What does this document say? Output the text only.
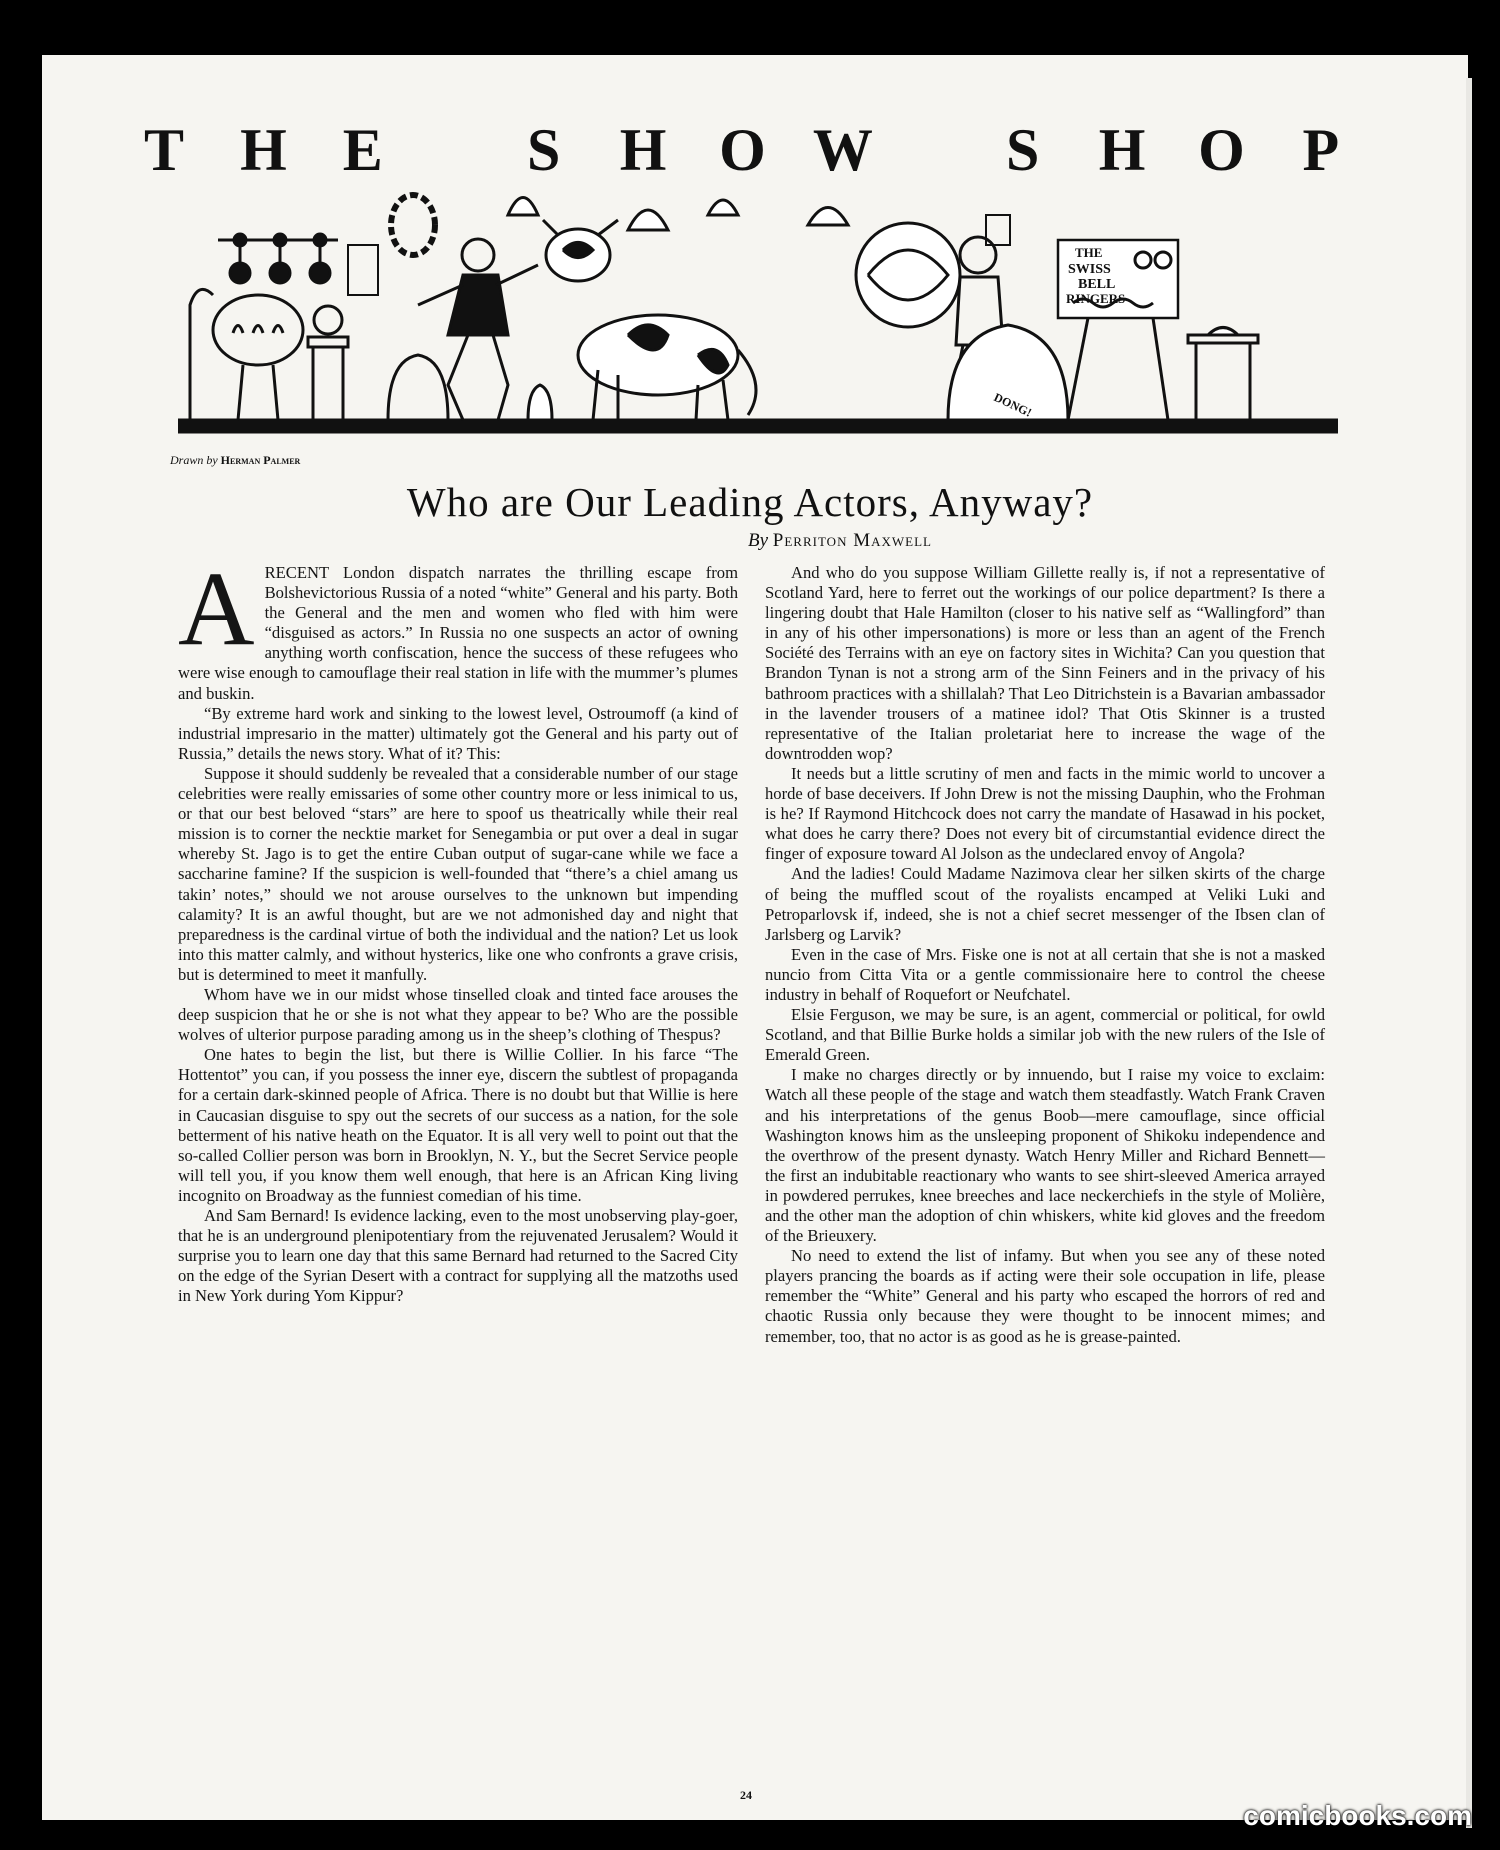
T H E S H O W S H O P
THE
SWISS
BELL
RINGERS
DONG!
Drawn by Herman Palmer
Who are Our Leading Actors, Anyway?
By Perriton Maxwell

ARECENT London dispatch narrates the thrilling escape from Bolshevictorious Russia of a noted “white” General and his party. Both the General and the men and women who fled with him were “disguised as actors.” In Russia no one suspects an actor of owning anything worth confiscation, hence the success of these refugees who were wise enough to camouflage their real station in life with the mummer’s plumes and buskin.

“By extreme hard work and sinking to the lowest level, Ostroumoff (a kind of industrial impresario in the matter) ultimately got the General and his party out of Russia,” details the news story. What of it? This:

Suppose it should suddenly be revealed that a considerable number of our stage celebrities were really emissaries of some other country more or less inimical to us, or that our best beloved “stars” are here to spoof us theatrically while their real mission is to corner the necktie market for Senegambia or put over a deal in sugar whereby St. Jago is to get the entire Cuban output of sugar-cane while we face a saccharine famine? If the suspicion is well-founded that “there’s a chiel amang us takin’ notes,” should we not arouse ourselves to the unknown but impending calamity? It is an awful thought, but are we not admonished day and night that preparedness is the cardinal virtue of both the individual and the nation? Let us look into this matter calmly, and without hysterics, like one who confronts a grave crisis, but is determined to meet it manfully.

Whom have we in our midst whose tinselled cloak and tinted face arouses the deep suspicion that he or she is not what they appear to be? Who are the possible wolves of ulterior purpose parading among us in the sheep’s clothing of Thespus?

One hates to begin the list, but there is Willie Collier. In his farce “The Hottentot” you can, if you possess the inner eye, discern the subtlest of propaganda for a certain dark-skinned people of Africa. There is no doubt but that Willie is here in Caucasian disguise to spy out the secrets of our success as a nation, for the sole betterment of his native heath on the Equator. It is all very well to point out that the so-called Collier person was born in Brooklyn, N. Y., but the Secret Service people will tell you, if you know them well enough, that here is an African King living incognito on Broadway as the funniest comedian of his time.

And Sam Bernard! Is evidence lacking, even to the most unobserving play-goer, that he is an underground plenipotentiary from the rejuvenated Jerusalem? Would it surprise you to learn one day that this same Bernard had returned to the Sacred City on the edge of the Syrian Desert with a contract for supplying all the matzoths used in New York during Yom Kippur?

And who do you suppose William Gillette really is, if not a representative of Scotland Yard, here to ferret out the workings of our police department? Is there a lingering doubt that Hale Hamilton (closer to his native self as “Wallingford” than in any of his other impersonations) is more or less than an agent of the French Société des Terrains with an eye on factory sites in Wichita? Can you question that Brandon Tynan is not a strong arm of the Sinn Feiners and in the privacy of his bathroom practices with a shillalah? That Leo Ditrichstein is a Bavarian ambassador in the lavender trousers of a matinee idol? That Otis Skinner is a trusted representative of the Italian proletariat here to increase the wage of the downtrodden wop?

It needs but a little scrutiny of men and facts in the mimic world to uncover a horde of base deceivers. If John Drew is not the missing Dauphin, who the Frohman is he? If Raymond Hitchcock does not carry the mandate of Hasawad in his pocket, what does he carry there? Does not every bit of circumstantial evidence direct the finger of exposure toward Al Jolson as the undeclared envoy of Angola?

And the ladies! Could Madame Nazimova clear her silken skirts of the charge of being the muffled scout of the royalists encamped at Veliki Luki and Petroparlovsk if, indeed, she is not a chief secret messenger of the Ibsen clan of Jarlsberg og Larvik?

Even in the case of Mrs. Fiske one is not at all certain that she is not a masked nuncio from Citta Vita or a gentle commissionaire here to control the cheese industry in behalf of Roquefort or Neufchatel.

Elsie Ferguson, we may be sure, is an agent, commercial or political, for owld Scotland, and that Billie Burke holds a similar job with the new rulers of the Isle of Emerald Green.

I make no charges directly or by innuendo, but I raise my voice to exclaim: Watch all these people of the stage and watch them steadfastly. Watch Frank Craven and his interpretations of the genus Boob—mere camouflage, since official Washington knows him as the unsleeping proponent of Shikoku independence and the overthrow of the present dynasty. Watch Henry Miller and Richard Bennett—the first an indubitable reactionary who wants to see shirt-sleeved America arrayed in powdered perrukes, knee breeches and lace neckerchiefs in the style of Molière, and the other man the adoption of chin whiskers, white kid gloves and the freedom of the Brieuxery.

No need to extend the list of infamy. But when you see any of these noted players prancing the boards as if acting were their sole occupation in life, please remember the “White” General and his party who escaped the horrors of red and chaotic Russia only because they were thought to be innocent mimes; and remember, too, that no actor is as good as he is grease-painted.

24
comicbooks.com
